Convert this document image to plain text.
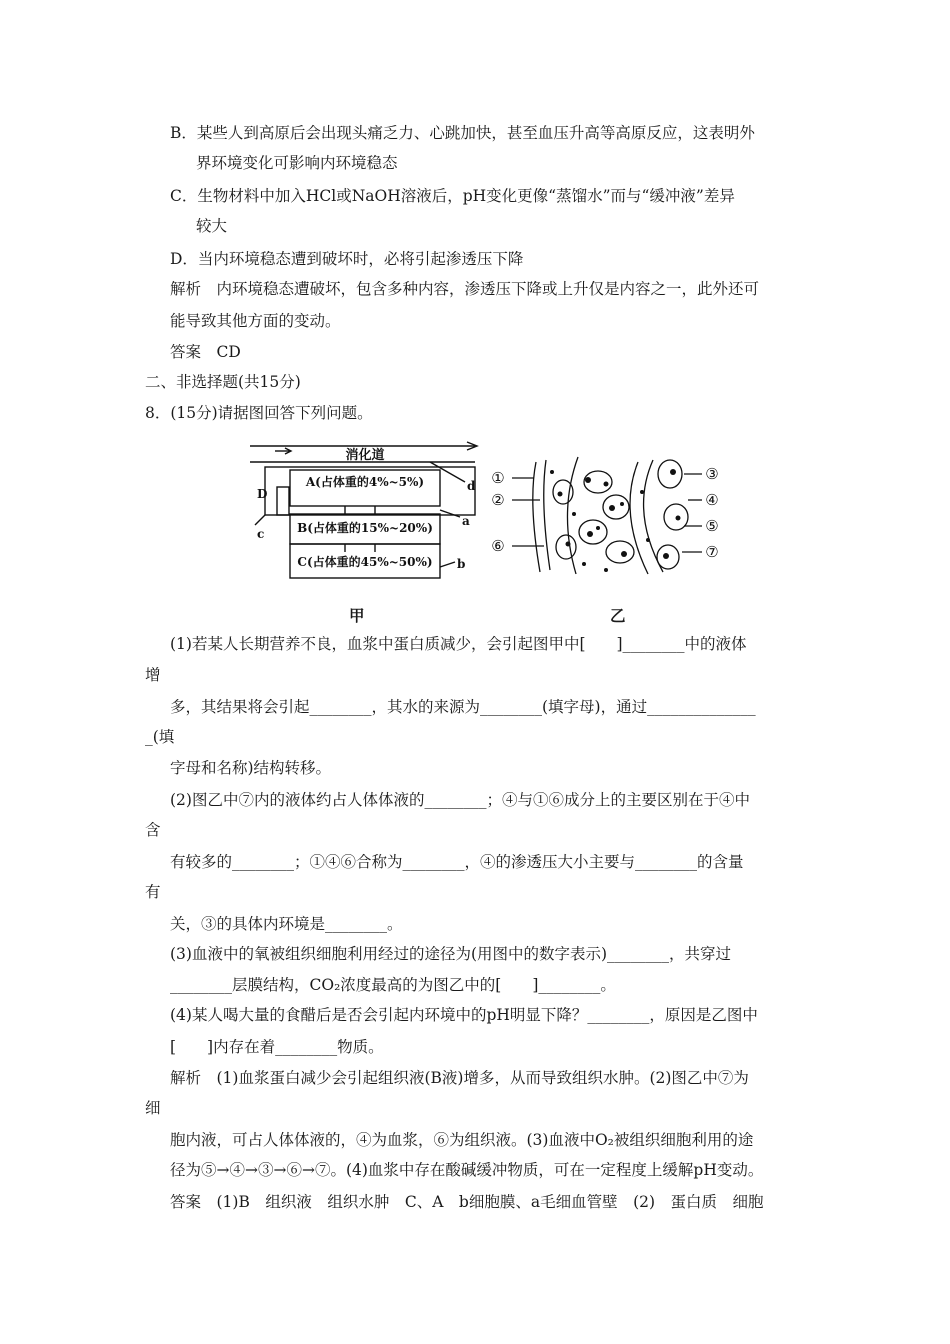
B．某些人到高原后会出现头痛乏力、心跳加快，甚至血压升高等高原反应，这表明外
界环境变化可影响内环境稳态
C．生物材料中加入HCl或NaOH溶液后，pH变化更像“蒸馏水”而与“缓冲液”差异
较大
D．当内环境稳态遭到破坏时，必将引起渗透压下降
解析　内环境稳态遭破坏，包含多种内容，渗透压下降或上升仅是内容之一，此外还可
能导致其他方面的变动。
答案　CD
二、非选择题(共15分)
8．(15分)请据图回答下列问题。
消化道
A(占体重的4%~5%)
B(占体重的15%~20%)
C(占体重的45%~50%)
D
c
d
a
b
①
②
⑥
③
④
⑤
⑦
甲	乙
(1)若某人长期营养不良，血浆中蛋白质减少，会引起图甲中[　　]________中的液体
增
多，其结果将会引起________，其水的来源为________(填字母)，通过______________
_(填
字母和名称)结构转移。
(2)图乙中⑦内的液体约占人体体液的________；④与①⑥成分上的主要区别在于④中
含
有较多的________；①④⑥合称为________，④的渗透压大小主要与________的含量
有
关，③的具体内环境是________。
(3)血液中的氧被组织细胞利用经过的途径为(用图中的数字表示)________，共穿过
________层膜结构，CO₂浓度最高的为图乙中的[　　]________。
(4)某人喝大量的食醋后是否会引起内环境中的pH明显下降？________，原因是乙图中
[　　]内存在着________物质。
解析　(1)血浆蛋白减少会引起组织液(B液)增多，从而导致组织水肿。(2)图乙中⑦为
细
胞内液，可占人体体液的，④为血浆，⑥为组织液。(3)血液中O₂被组织细胞利用的途
径为⑤→④→③→⑥→⑦。(4)血浆中存在酸碱缓冲物质，可在一定程度上缓解pH变动。
答案　(1)B　组织液　组织水肿　C、A　b细胞膜、a毛细血管壁　(2)　蛋白质　细胞
